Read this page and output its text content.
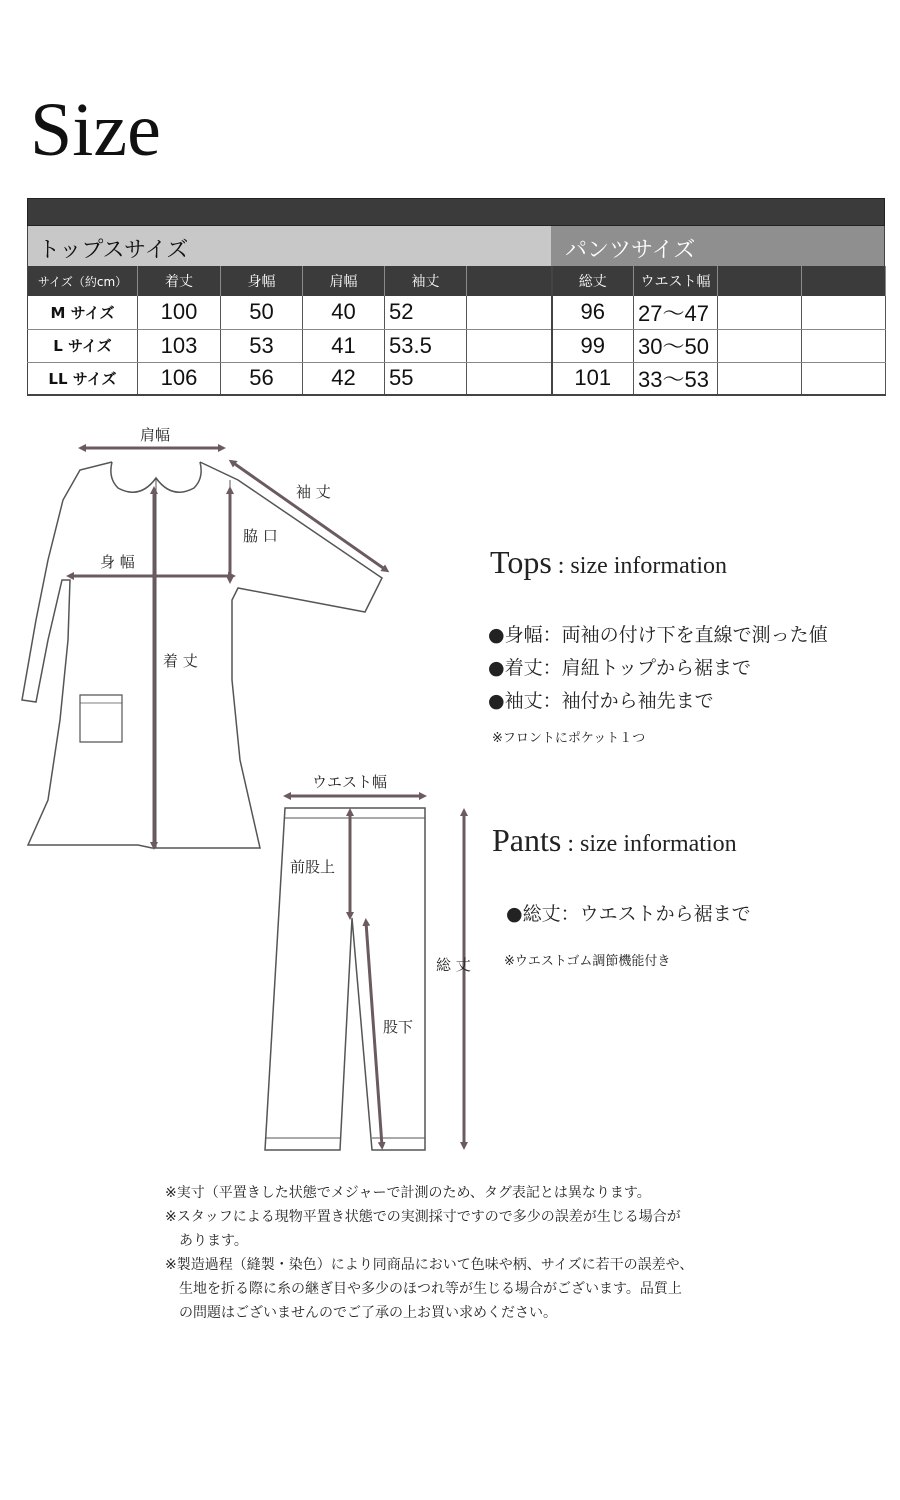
Size
トップスサイズ	パンツサイズ
サイズ（約cm）	着丈	身幅	肩幅	袖丈		総丈	ウエスト幅		
M サイズ	100	50	40	52		96	27～47		
L サイズ	103	53	41	53.5		99	30～50		
LL サイズ	106	56	42	55		101	33～53		
肩幅
袖 丈
脇 口
身 幅
着 丈
ウエスト幅
前股上
総 丈
股下
Tops : size information
●身幅：両袖の付け下を直線で測った値
●着丈：肩紐トップから裾まで
●袖丈：袖付から袖先まで
※フロントにポケット１つ
Pants : size information
●総丈：ウエストから裾まで
※ウエストゴム調節機能付き
※実寸（平置きした状態でメジャーで計測のため、タグ表記とは異なります。
※スタッフによる現物平置き状態での実測採寸ですので多少の誤差が生じる場合が
　あります。
※製造過程（縫製・染色）により同商品において色味や柄、サイズに若干の誤差や、
　生地を折る際に糸の継ぎ目や多少のほつれ等が生じる場合がございます。品質上
　の問題はございませんのでご了承の上お買い求めください。
